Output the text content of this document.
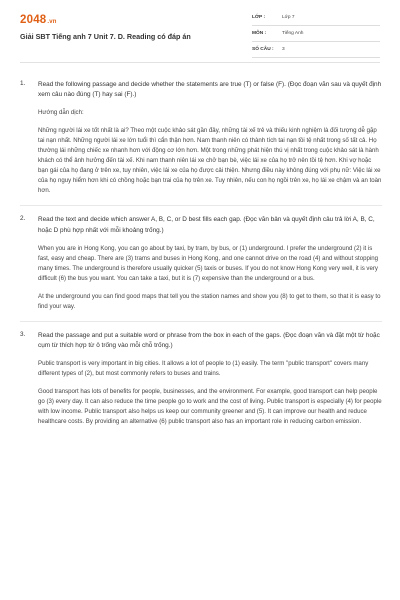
2048.vn
Giải SBT Tiếng anh 7 Unit 7. D. Reading có đáp án
LỚP :	Lớp 7
MÔN :	Tiếng Anh
SỐ CÂU : 3
1. Read the following passage and decide whether the statements are true (T) or false (F). (Đọc đoạn văn sau và quyết định xem câu nào đúng (T) hay sai (F).)
Hướng dẫn dịch:
Những người lái xe tốt nhất là ai? Theo một cuộc khảo sát gần đây, những tài xế trẻ và thiếu kinh nghiệm là đối tượng dễ gặp tai nạn nhất. Những người lái xe lớn tuổi thì cẩn thận hơn. Nam thanh niên có thành tích tai nạn tồi tệ nhất trong số tất cả. Họ thường lái những chiếc xe nhanh hơn với động cơ lớn hơn. Một trong những phát hiện thú vị nhất trong cuộc khảo sát là hành khách có thể ảnh hưởng đến tài xế. Khi nam thanh niên lái xe chở bạn bè, việc lái xe của họ trở nên tồi tệ hơn. Khi vợ hoặc bạn gái của họ đang ở trên xe, tuy nhiên, việc lái xe của họ được cải thiện. Nhưng điều này không đúng với phụ nữ: Việc lái xe của họ nguy hiểm hơn khi có chồng hoặc bạn trai của họ trên xe. Tuy nhiên, nếu con họ ngồi trên xe, họ lái xe chậm và an toàn hơn.
2. Read the text and decide which answer A, B, C, or D best fills each gap. (Đọc văn bản và quyết định câu trả lời A, B, C, hoặc D phù hợp nhất với mỗi khoảng trống.)
When you are in Hong Kong, you can go about by taxi, by tram, by bus, or (1) underground. I prefer the underground (2) it is fast, easy and cheap. There are (3) trams and buses in Hong Kong, and one cannot drive on the road (4) and without stopping many times. The underground is therefore usually quicker (5) taxis or buses. If you do not know Hong Kong very well, it is very difficult (6) the bus you want. You can take a taxi, but it is (7) expensive than the underground or a bus.
At the underground you can find good maps that tell you the station names and show you (8) to get to them, so that it is easy to find your way.
3. Read the passage and put a suitable word or phrase from the box in each of the gaps. (Đọc đoạn văn và đặt một từ hoặc cụm từ thích hợp từ ô trống vào mỗi chỗ trống.)
Public transport is very important in big cities. It allows a lot of people to (1) easily. The term "public transport" covers many different types of (2), but most commonly refers to buses and trains.
Good transport has lots of benefits for people, businesses, and the environment. For example, good transport can help people go (3) every day. It can also reduce the time people go to work and the cost of living. Public transport is especially (4) for people with low income. Public transport also helps us keep our community greener and (5). It can improve our health and reduce healthcare costs. By providing an alternative (6) public transport also has an important role in reducing carbon emission.
